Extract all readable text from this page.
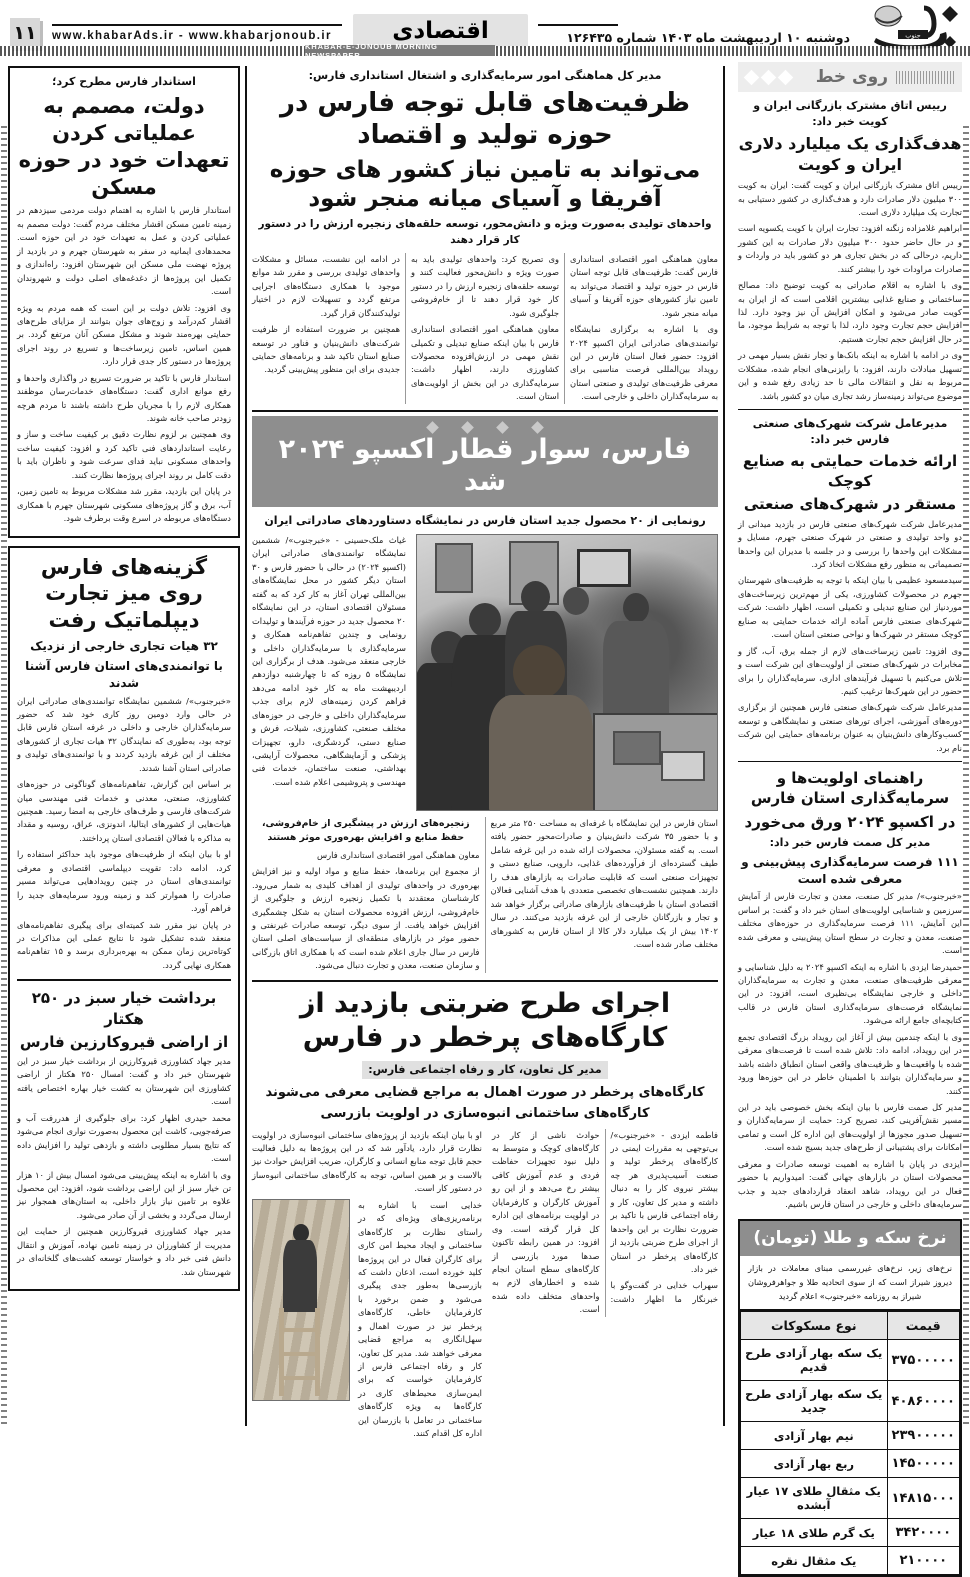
۱۱ www.khabarAds.ir - www.khabarjonoub.ir	اقتصادی	دوشنبه ۱۰ اردیبهشت ماه ۱۴۰۳ شماره ۱۲۶۴۳۵	جنوب
KHABAR-E-JONOUB MORNING NEWSPAPER
استاندار فارس مطرح کرد؛
دولت، مصمم به عملیاتی کردن تعهدات خود در حوزه مسکن

استاندار فارس با اشاره به اهتمام دولت مردمی سیزدهم در زمینه تامین مسکن اقشار مختلف مردم گفت: دولت مصمم به عملیاتی کردن و عمل به تعهدات خود در این حوزه است. محمدهادی ایمانیه در سفر به شهرستان جهرم و در بازدید از پروژه نهضت ملی مسکن این شهرستان افزود: راه‌اندازی و تکمیل این پروژه‌ها از دغدغه‌های اصلی دولت و شهروندان است.

وی افزود: تلاش دولت بر این است که همه مردم به ویژه اقشار کم‌درآمد و زوج‌های جوان بتوانند از مزایای طرح‌های حمایتی بهره‌مند شوند و مشکل مسکن آنان مرتفع گردد. بر همین اساس، تامین زیرساخت‌ها و تسریع در روند اجرای پروژه‌ها در دستور کار جدی قرار دارد.

استاندار فارس با تاکید بر ضرورت تسریع در واگذاری واحدها و رفع موانع اداری گفت: دستگاه‌های خدمات‌رسان موظفند همکاری لازم را با مجریان طرح داشته باشند تا مردم هرچه زودتر صاحب خانه شوند.

وی همچنین بر لزوم نظارت دقیق بر کیفیت ساخت و ساز و رعایت استانداردهای فنی تاکید کرد و افزود: کیفیت ساخت واحدهای مسکونی نباید فدای سرعت شود و ناظران باید با دقت کامل بر روند اجرای پروژه‌ها نظارت کنند.

در پایان این بازدید، مقرر شد مشکلات مربوط به تامین زمین، آب، برق و گاز پروژه‌های مسکونی شهرستان جهرم با همکاری دستگاه‌های مربوطه در اسرع وقت برطرف شود.

گزینه‌های فارس روی میز تجارت دیپلماتیک رفت
۳۲ هیات تجاری خارجی از نزدیک
با توانمندی‌های استان فارس آشنا شدند

«خبرجنوب»/ ششمین نمایشگاه توانمندی‌های صادراتی ایران در حالی وارد دومین روز کاری خود شد که حضور سرمایه‌گذاران خارجی و داخلی در غرفه استان فارس قابل توجه بود، به‌طوری که نمایندگان ۳۲ هیات تجاری از کشورهای مختلف از این غرفه بازدید کردند و با توانمندی‌های تولیدی و صادراتی استان آشنا شدند.

بر اساس این گزارش، تفاهم‌نامه‌های گوناگونی در حوزه‌های کشاورزی، صنعتی، معدنی و خدمات فنی مهندسی میان شرکت‌های فارسی و طرف‌های خارجی به امضا رسید. همچنین هیات‌هایی از کشورهای ایتالیا، اندونزی، عراق، روسیه و مقداد به مذاکره با فعالان اقتصادی استان پرداختند.

او با بیان اینکه از ظرفیت‌های موجود باید حداکثر استفاده را کرد، ادامه داد: تقویت دیپلماسی اقتصادی و معرفی توانمندی‌های استان در چنین رویدادهایی می‌تواند مسیر صادرات را هموارتر کند و زمینه ورود سرمایه‌های جدید را فراهم آورد.

در پایان نیز مقرر شد کمیته‌ای برای پیگیری تفاهم‌نامه‌های منعقد شده تشکیل شود تا نتایج عملی این مذاکرات در کوتاه‌ترین زمان ممکن به بهره‌برداری برسد و ۱۵ تفاهم‌نامه همکاری نهایی گردد.

برداشت خیار سبز در ۲۵۰ هکتار
از اراضی قیروکارزین فارس

مدیر جهاد کشاورزی قیروکارزین از برداشت خیار سبز در این شهرستان خبر داد و گفت: امسال ۲۵۰ هکتار از اراضی کشاورزی این شهرستان به کشت خیار بهاره اختصاص یافته است.

محمد حیدری اظهار کرد: برای جلوگیری از هدررفت آب و صرفه‌جویی، کاشت این محصول به‌صورت نواری انجام می‌شود که نتایج بسیار مطلوبی داشته و بازدهی تولید را افزایش داده است.

وی با اشاره به اینکه پیش‌بینی می‌شود امسال بیش از ۱۰ هزار تن خیار سبز از این اراضی برداشت شود، افزود: این محصول علاوه بر تامین نیاز بازار داخلی، به استان‌های همجوار نیز ارسال می‌گردد و بخشی از آن صادر می‌شود.

مدیر جهاد کشاورزی قیروکارزین همچنین از حمایت این مدیریت از کشاورزان در زمینه تامین نهاده، آموزش و انتقال دانش فنی خبر داد و خواستار توسعه کشت‌های گلخانه‌ای در شهرستان شد.

مدیر کل هماهنگی امور سرمایه‌گذاری و اشتغال استانداری فارس:
ظرفیت‌های قابل توجه فارس در حوزه تولید و اقتصاد
می‌تواند به تامین نیاز کشور های حوزه آفریقا و آسیای میانه منجر شود
واحدهای تولیدی به‌صورت ویژه و دانش‌محور، توسعه حلقه‌های زنجیره ارزش را در دستور کار قرار دهند

معاون هماهنگی امور اقتصادی استانداری فارس گفت: ظرفیت‌های قابل توجه استان فارس در حوزه تولید و اقتصاد می‌تواند به تامین نیاز کشورهای حوزه آفریقا و آسیای میانه منجر شود.

وی با اشاره به برگزاری نمایشگاه توانمندی‌های صادراتی ایران اکسپو ۲۰۲۴ افزود: حضور فعال استان فارس در این رویداد بین‌المللی فرصت مناسبی برای معرفی ظرفیت‌های تولیدی و صنعتی استان به سرمایه‌گذاران داخلی و خارجی است.

وی تصریح کرد: واحدهای تولیدی باید به صورت ویژه و دانش‌محور فعالیت کنند و توسعه حلقه‌های زنجیره ارزش را در دستور کار خود قرار دهند تا از خام‌فروشی جلوگیری شود.

معاون هماهنگی امور اقتصادی استانداری فارس با بیان اینکه صنایع تبدیلی و تکمیلی نقش مهمی در ارزش‌افزوده محصولات کشاورزی دارند، اظهار داشت: سرمایه‌گذاری در این بخش از اولویت‌های استان است.

در ادامه این نشست، مسائل و مشکلات واحدهای تولیدی بررسی و مقرر شد موانع موجود با همکاری دستگاه‌های اجرایی مرتفع گردد و تسهیلات لازم در اختیار تولیدکنندگان قرار گیرد.

همچنین بر ضرورت استفاده از ظرفیت شرکت‌های دانش‌بنیان و فناور در توسعه صنایع استان تاکید شد و برنامه‌های حمایتی جدیدی برای این منظور پیش‌بینی گردید.

فارس، سوار قطار اکسپو ۲۰۲۴ شد
رونمایی از ۲۰ محصول جدید استان فارس در نمایشگاه دستاوردهای صادراتی ایران

غیاث ملک‌حسینی - «خبرجنوب»/ ششمین نمایشگاه توانمندی‌های صادراتی ایران (اکسپو ۲۰۲۴) در حالی با حضور فارس و ۳۰ استان دیگر کشور در محل نمایشگاه‌های بین‌المللی تهران آغاز به کار کرد که به گفته مسئولان اقتصادی استان، در این نمایشگاه ۲۰ محصول جدید در حوزه فرآیندها و تولیدات رونمایی و چندین تفاهم‌نامه همکاری و سرمایه‌گذاری با سرمایه‌گذاران داخلی و خارجی منعقد می‌شود. هدف از برگزاری این نمایشگاه ۵ روزه که تا چهارشنبه دوازدهم اردیبهشت ماه به کار خود ادامه می‌دهد فراهم کردن زمینه‌های لازم برای جذب سرمایه‌گذاران داخلی و خارجی در حوزه‌های مختلف صنعتی، کشاورزی، شیلات، فرش و صنایع دستی، گردشگری، دارو، تجهیزات پزشکی و آزمایشگاهی، محصولات آرایشی، بهداشتی، صنعت ساختمان، خدمات فنی مهندسی و پتروشیمی اعلام شده است.

استان فارس در این نمایشگاه با غرفه‌ای به مساحت ۲۵۰ متر مربع و با حضور ۳۵ شرکت دانش‌بنیان و صادرات‌محور حضور یافته است. به گفته مسئولان، محصولات ارائه شده در این غرفه شامل طیف گسترده‌ای از فرآورده‌های غذایی، دارویی، صنایع دستی و تجهیزات صنعتی است که قابلیت صادرات به بازارهای هدف را دارند. همچنین نشست‌های تخصصی متعددی با هدف آشنایی فعالان اقتصادی استان با ظرفیت‌های بازارهای صادراتی برگزار خواهد شد و تجار و بازرگانان خارجی از این غرفه بازدید می‌کنند. در سال ۱۴۰۲ بیش از یک میلیارد دلار کالا از استان فارس به کشورهای مختلف صادر شده است.

زنجیره‌های ارزش در پیشگیری از خام‌فروشی، حفظ منابع و افزایش بهره‌وری موثر هستند
معاون هماهنگی امور اقتصادی استانداری فارس

از مجموع این برنامه‌ها، حفظ منابع و مواد اولیه و نیز افزایش بهره‌وری در واحدهای تولیدی از اهداف کلیدی به شمار می‌رود. کارشناسان معتقدند با تکمیل زنجیره ارزش و جلوگیری از خام‌فروشی، ارزش افزوده محصولات استان به شکل چشمگیری افزایش خواهد یافت. از سوی دیگر، توسعه صادرات غیرنفتی و حضور موثر در بازارهای منطقه‌ای از سیاست‌های اصلی استان فارس در سال جاری اعلام شده است که با همکاری اتاق بازرگانی و سازمان صنعت، معدن و تجارت دنبال می‌شود.

اجرای طرح ضربتی بازدید از کارگاه‌های پرخطر در فارس
مدیر کل تعاون، کار و رفاه اجتماعی فارس:
کارگاه‌های پرخطر در صورت اهمال به مراجع قضایی معرفی می‌شوند
کارگاه‌های ساختمانی انبوه‌سازی در اولویت بازرسی

فاطمه ایزدی - «خبرجنوب»/ بی‌توجهی به مقررات ایمنی در کارگاه‌های پرخطر تولید و صنعت آسیب‌پذیری هر چه بیشتر نیروی کار را به دنبال داشته و مدیر کل تعاون، کار و رفاه اجتماعی فارس با تاکید بر ضرورت نظارت بر این واحدها از اجرای طرح ضربتی بازدید از کارگاه‌های پرخطر در استان خبر داد.

سهراب خدایی در گفت‌وگو با خبرنگار ما اظهار داشت: حوادث ناشی از کار در کارگاه‌های کوچک و متوسط به دلیل نبود تجهیزات حفاظت فردی و عدم آموزش کافی بیشتر رخ می‌دهد و از این رو آموزش کارگران و کارفرمایان در اولویت برنامه‌های این اداره کل قرار گرفته است. وی افزود: در همین رابطه تاکنون صدها مورد بازرسی از کارگاه‌های سطح استان انجام شده و اخطارهای لازم به واحدهای متخلف داده شده است.

او با بیان اینکه بازدید از پروژه‌های ساختمانی انبوه‌سازی در اولویت نظارت قرار دارد، یادآور شد که در این پروژه‌ها به دلیل فعالیت حجم قابل توجه منابع انسانی و کارگران، ضریب افزایش حوادث نیز بالاست و بر همین اساس، توجه به کارگاه‌های ساختمانی انبوه‌ساز در دستور کار است.

خدایی است با اشاره به برنامه‌ریزی‌های ویژه‌ای که در راستای نظارت بر کارگاه‌های ساختمانی و ایجاد محیط امن کاری برای کارگران فعال در این پروژه‌ها کلید خورده است، اذعان داشت که بازرسی‌ها به‌طور جدی پیگیری می‌شود و ضمن برخورد با کارفرمایان خاطی، کارگاه‌های پرخطر نیز در صورت اهمال و سهل‌انگاری به مراجع قضایی معرفی خواهند شد. مدیر کل تعاون، کار و رفاه اجتماعی فارس از کارفرمایان خواست که برای ایمن‌سازی محیط‌های کاری در کارگاه‌ها به ویژه کارگاه‌های ساختمانی در تعامل با بازرسان این اداره کل اقدام کنند.

روی خط
رییس اتاق مشترک بازرگانی ایران و کویت خبر داد:
هدف‌گذاری یک میلیارد دلاری ایران و کویت

رییس اتاق مشترک بازرگانی ایران و کویت گفت: ایران به کویت ۳۰۰ میلیون دلار صادرات دارد و هدف‌گذاری در کشور دستیابی به تجارت یک میلیارد دلاری است.

ابراهیم غلامزاده زنگنه افزود: تجارت ایران با کویت یکسویه است و در حال حاضر حدود ۳۰۰ میلیون دلار صادرات به این کشور داریم، درحالی که در بخش تجاری هر دو کشور باید در واردات و صادرات مراودات خود را بیشتر کنند.

وی با اشاره به اقلام صادراتی به کویت توضیح داد: مصالح ساختمانی و صنایع غذایی بیشترین اقلامی است که از ایران به کویت صادر می‌شود و امکان افزایش آن نیز وجود دارد. لذا افزایش حجم تجارت وجود دارد، لذا با توجه به شرایط موجود، ما در حال افزایش حجم تجارت هستیم.

وی در ادامه با اشاره به اینکه بانک‌ها و تجار نقش بسیار مهمی در تسهیل مبادلات دارند، افزود: با رایزنی‌های انجام شده، مشکلات مربوط به نقل و انتقالات مالی تا حد زیادی رفع شده و این موضوع می‌تواند زمینه‌ساز رشد تجاری میان دو کشور باشد.

مدیرعامل شرکت شهرک‌های صنعتی فارس خبر داد:
ارائه خدمات حمایتی به صنایع کوچک
مستقر در شهرک‌های صنعتی

مدیرعامل شرکت شهرک‌های صنعتی فارس در بازدید میدانی از دو واحد تولیدی و صنعتی در شهرک صنعتی جهرم، مسایل و مشکلات این واحدها را بررسی و در جلسه با مدیران این واحدها تصمیماتی به منظور رفع مشکلات اتخاذ کرد.

سیدمسعود عظیمی با بیان اینکه با توجه به ظرفیت‌های شهرستان جهرم در محصولات کشاورزی، یکی از مهم‌ترین زیرساخت‌های موردنیاز این صنایع تبدیلی و تکمیلی است، اظهار داشت: شرکت شهرک‌های صنعتی فارس آماده ارائه خدمات حمایتی به صنایع کوچک مستقر در شهرک‌ها و نواحی صنعتی استان است.

وی افزود: تامین زیرساخت‌های لازم از جمله برق، آب، گاز و مخابرات در شهرک‌های صنعتی از اولویت‌های این شرکت است و تلاش می‌کنیم با تسهیل فرآیندهای اداری، سرمایه‌گذاران را برای حضور در این شهرک‌ها ترغیب کنیم.

مدیرعامل شرکت شهرک‌های صنعتی فارس همچنین از برگزاری دوره‌های آموزشی، اجرای تورهای صنعتی و نمایشگاهی و توسعه کسب‌وکارهای دانش‌بنیان به عنوان برنامه‌های حمایتی این شرکت نام برد.

راهنمای اولویت‌ها و سرمایه‌گذاری استان فارس
در اکسپو ۲۰۲۴ ورق می‌خورد
مدیر کل صمت فارس خبر داد:
۱۱۱ فرصت سرمایه‌گذاری پیش‌بینی و معرفی شده است

«خبرجنوب»/ مدیر کل صنعت، معدن و تجارت فارس از آمایش سرزمین و شناسایی اولویت‌های استان خبر داد و گفت: بر اساس این آمایش، ۱۱۱ فرصت سرمایه‌گذاری در حوزه‌های مختلف صنعت، معدن و تجارت در سطح استان پیش‌بینی و معرفی شده است.

حمیدرضا ایزدی با اشاره به اینکه اکسپو ۲۰۲۴ به دلیل شناسایی و معرفی ظرفیت‌های صنعت، معدن و تجارت به سرمایه‌گذاران داخلی و خارجی نمایشگاه بی‌نظیری است، افزود: در این نمایشگاه فرصت‌های سرمایه‌گذاری استان فارس در قالب کتابچه‌ای جامع ارائه می‌شود.

وی با اینکه چندمین بیش از آغاز این رویداد بزرگ اقتصادی تجمع در این رویداد، ادامه داد: تلاش شده است تا فرصت‌های معرفی شده با واقعیت‌ها و ظرفیت‌های واقعی استان انطباق داشته باشد و سرمایه‌گذاران بتوانند با اطمینان خاطر در این حوزه‌ها ورود کنند.

مدیر کل صمت فارس با بیان اینکه بخش خصوصی باید در این مسیر نقش‌آفرینی کند، تصریح کرد: حمایت از سرمایه‌گذاران و تسهیل صدور مجوزها از اولویت‌های این اداره کل است و تمامی امکانات برای پشتیبانی از طرح‌های جدید بسیج شده است.

ایزدی در پایان با اشاره به اهمیت توسعه صادرات و معرفی محصولات استان در بازارهای جهانی گفت: امیدواریم با حضور فعال در این رویداد، شاهد انعقاد قراردادهای جدید و جذب سرمایه‌های داخلی و خارجی در استان فارس باشیم.

نرخ سکه و طلا (تومان)
نرخ‌های زیر، نرخ‌های غیررسمی مبنای معاملات در بازار دیروز شیراز است که از سوی اتحادیه طلا و جواهرفروشان شیراز به روزنامه «خبرجنوب» اعلام گردید
قیمت	نوع مسکوکات
۳۷۵۰۰۰۰۰	یک سکه بهار آزادی طرح قدیم
۴۰۸۶۰۰۰۰	یک سکه بهار آزادی طرح جدید
۲۳۹۰۰۰۰۰	نیم بهار آزادی
۱۴۵۰۰۰۰۰	ربع بهار آزادی
۱۴۸۱۵۰۰۰	یک مثقال طلای ۱۷ عیار آبشده
۳۴۲۰۰۰۰	یک گرم طلای ۱۸ عیار
۲۱۰۰۰۰	یک مثقال نقره
